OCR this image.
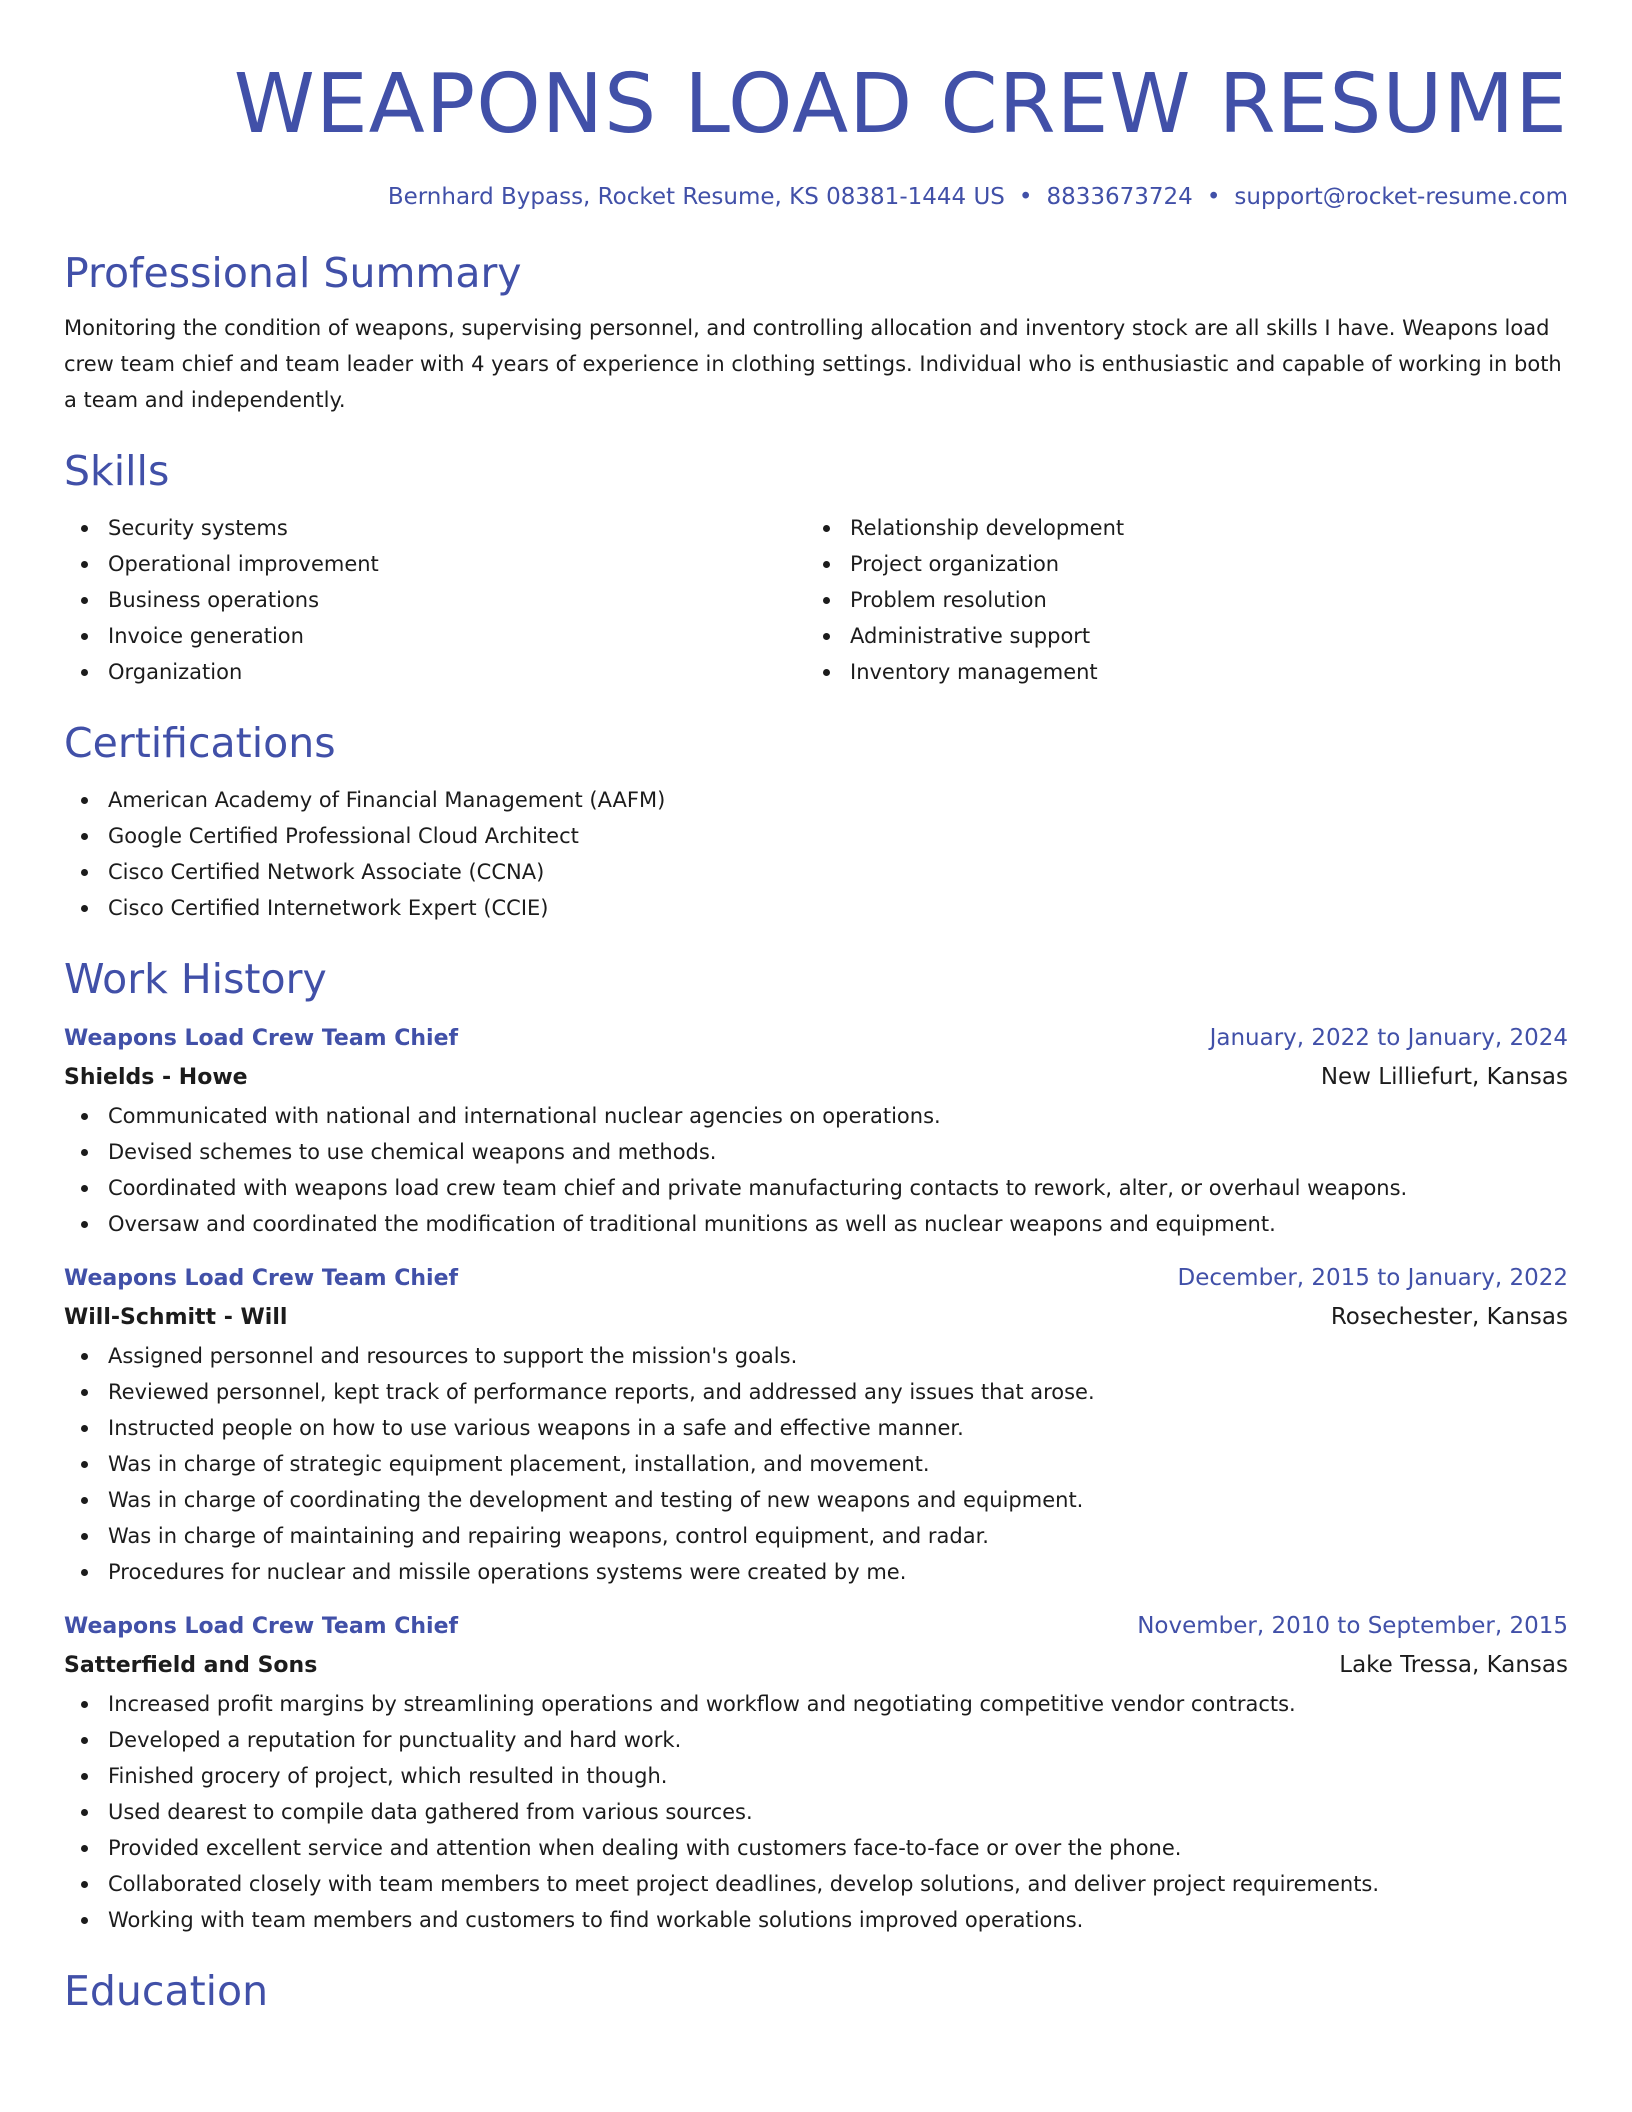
WEAPONS LOAD CREW RESUME
Bernhard Bypass, Rocket Resume, KS 08381-1444 US • 8833673724 • support@rocket-resume.com
Professional Summary

Monitoring the condition of weapons, supervising personnel, and controlling allocation and inventory stock are all skills I have. Weapons load crew team chief and team leader with 4 years of experience in clothing settings. Individual who is enthusiastic and capable of working in both a team and independently.

Skills
Security systems
Operational improvement
Business operations
Invoice generation
Organization
Relationship development
Project organization
Problem resolution
Administrative support
Inventory management
Certifications
American Academy of Financial Management (AAFM)
Google Certified Professional Cloud Architect
Cisco Certified Network Associate (CCNA)
Cisco Certified Internetwork Expert (CCIE)
Work History
Weapons Load Crew Team Chief	January, 2022 to January, 2024
Shields - Howe	New Lilliefurt, Kansas
Communicated with national and international nuclear agencies on operations.
Devised schemes to use chemical weapons and methods.
Coordinated with weapons load crew team chief and private manufacturing contacts to rework, alter, or overhaul weapons.
Oversaw and coordinated the modification of traditional munitions as well as nuclear weapons and equipment.
Weapons Load Crew Team Chief	December, 2015 to January, 2022
Will-Schmitt - Will	Rosechester, Kansas
Assigned personnel and resources to support the mission's goals.
Reviewed personnel, kept track of performance reports, and addressed any issues that arose.
Instructed people on how to use various weapons in a safe and effective manner.
Was in charge of strategic equipment placement, installation, and movement.
Was in charge of coordinating the development and testing of new weapons and equipment.
Was in charge of maintaining and repairing weapons, control equipment, and radar.
Procedures for nuclear and missile operations systems were created by me.
Weapons Load Crew Team Chief	November, 2010 to September, 2015
Satterfield and Sons	Lake Tressa, Kansas
Increased profit margins by streamlining operations and workflow and negotiating competitive vendor contracts.
Developed a reputation for punctuality and hard work.
Finished grocery of project, which resulted in though.
Used dearest to compile data gathered from various sources.
Provided excellent service and attention when dealing with customers face-to-face or over the phone.
Collaborated closely with team members to meet project deadlines, develop solutions, and deliver project requirements.
Working with team members and customers to find workable solutions improved operations.
Education
